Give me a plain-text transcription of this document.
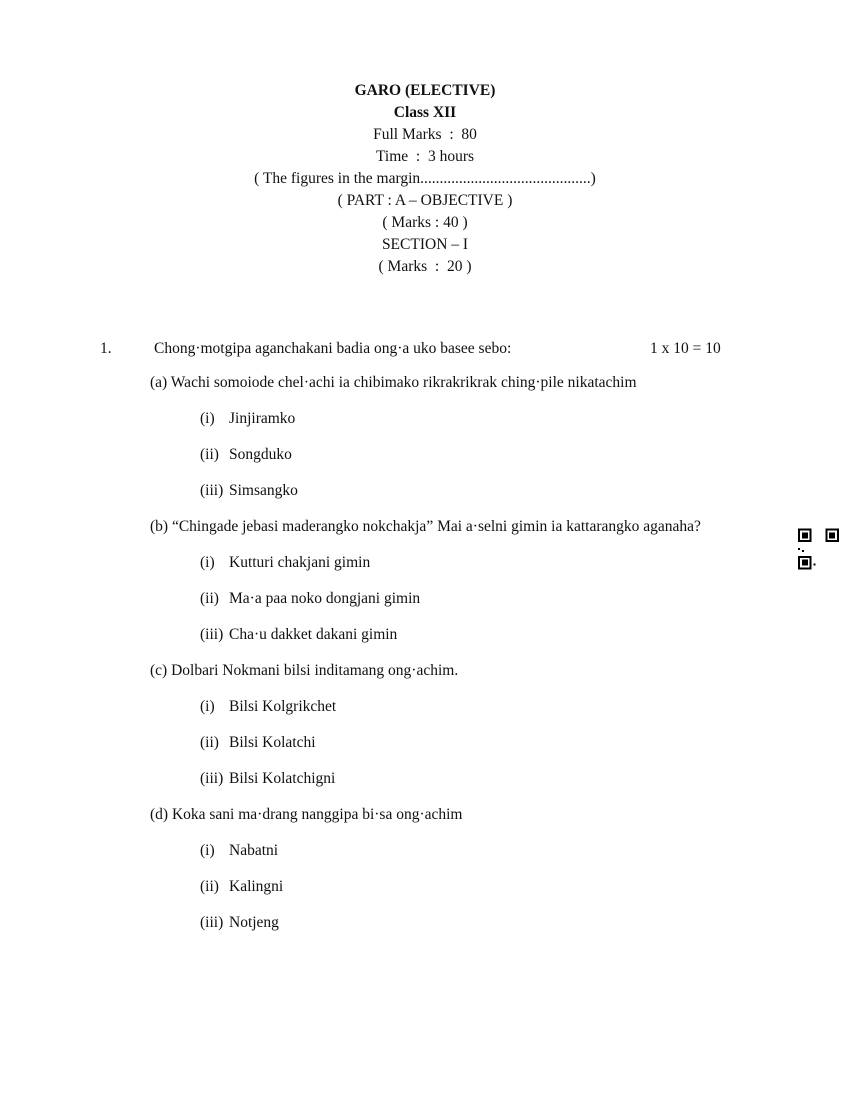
GARO (ELECTIVE)
Class XII
Full Marks  :  80
Time  :  3 hours
( The figures in the margin............................................)
( PART : A – OBJECTIVE )
( Marks : 40 )
SECTION – I
( Marks  :  20 )
1.	Chong·motgipa aganchakani badia ong·a uko basee sebo:	1 x 10 = 10
(a) Wachi somoiode chel·achi ia chibimako rikrakrikrak ching·pile nikatachim
(i) Jinjiramko
(ii) Songduko
(iii) Simsangko
(b) “Chingade jebasi maderangko nokchakja” Mai a·selni gimin ia kattarangko aganaha?
(i) Kutturi chakjani gimin
(ii) Ma·a paa noko dongjani gimin
(iii) Cha·u dakket dakani gimin
(c) Dolbari Nokmani bilsi inditamang ong·achim.
(i) Bilsi Kolgrikchet
(ii) Bilsi Kolatchi
(iii) Bilsi Kolatchigni
(d) Koka sani ma·drang nanggipa bi·sa ong·achim
(i) Nabatni
(ii) Kalingni
(iii) Notjeng
